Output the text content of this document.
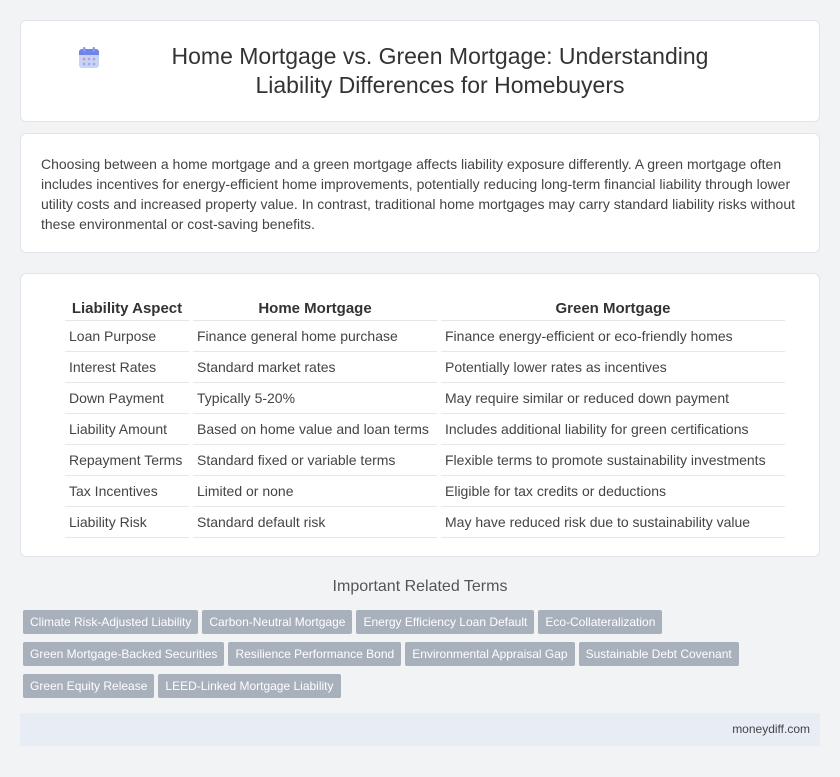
Home Mortgage vs. Green Mortgage: Understanding Liability Differences for Homebuyers

Choosing between a home mortgage and a green mortgage affects liability exposure differently. A green mortgage often includes incentives for energy-efficient home improvements, potentially reducing long-term financial liability through lower utility costs and increased property value. In contrast, traditional home mortgages may carry standard liability risks without these environmental or cost-saving benefits.

Liability Aspect	Home Mortgage	Green Mortgage
Loan Purpose	Finance general home purchase	Finance energy-efficient or eco-friendly homes
Interest Rates	Standard market rates	Potentially lower rates as incentives
Down Payment	Typically 5-20%	May require similar or reduced down payment
Liability Amount	Based on home value and loan terms	Includes additional liability for green certifications
Repayment Terms	Standard fixed or variable terms	Flexible terms to promote sustainability investments
Tax Incentives	Limited or none	Eligible for tax credits or deductions
Liability Risk	Standard default risk	May have reduced risk due to sustainability value
Important Related Terms
Climate Risk-Adjusted Liability	Carbon-Neutral Mortgage	Energy Efficiency Loan Default	Eco-Collateralization
Green Mortgage-Backed Securities	Resilience Performance Bond	Environmental Appraisal Gap	Sustainable Debt Covenant
Green Equity Release	LEED-Linked Mortgage Liability
moneydiff.com
